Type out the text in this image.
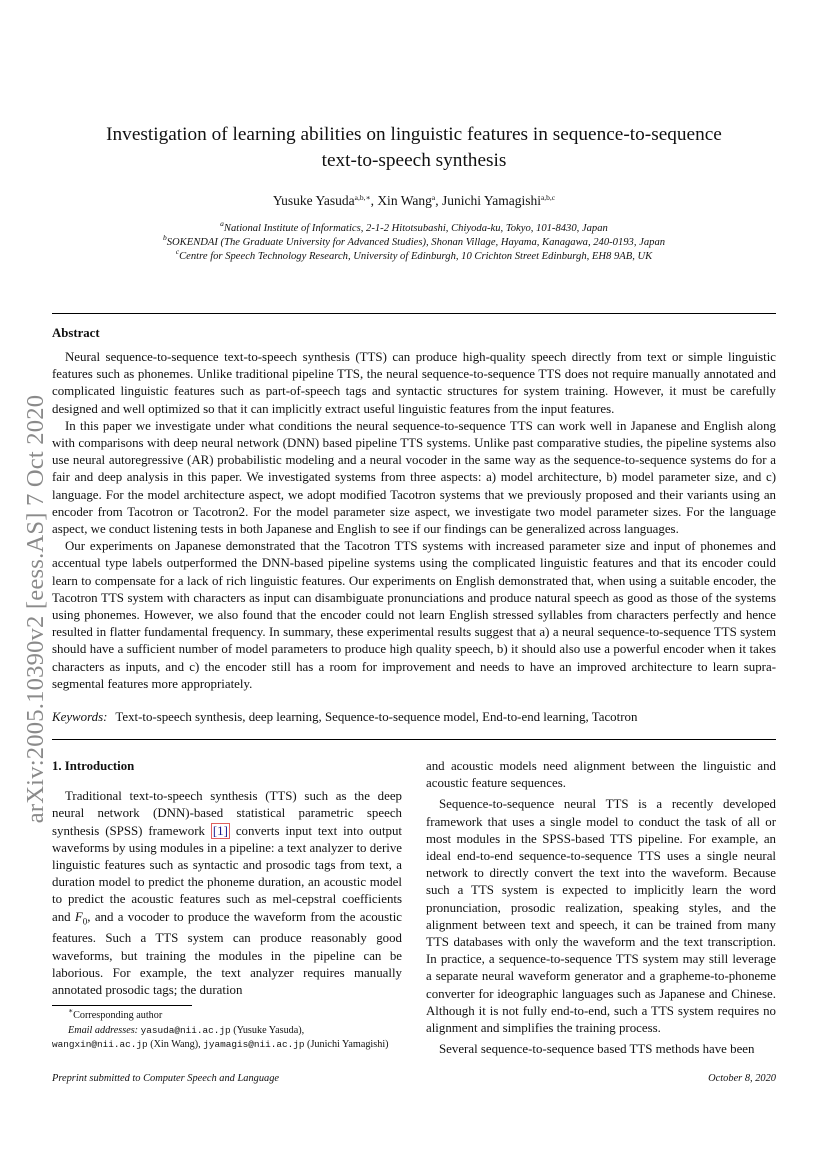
arXiv:2005.10390v2 [eess.AS] 7 Oct 2020
Investigation of learning abilities on linguistic features in sequence-to-sequence
text-to-speech synthesis
Yusuke Yasuda$^{a,b,∗}$, Xin Wang$^a$, Junichi Yamagishi$^{a,b,c}$
$^a$National Institute of Informatics, 2-1-2 Hitotsubashi, Chiyoda-ku, Tokyo, 101-8430, Japan
$^b$SOKENDAI (The Graduate University for Advanced Studies), Shonan Village, Hayama, Kanagawa, 240-0193, Japan
$^c$Centre for Speech Technology Research, University of Edinburgh, 10 Crichton Street Edinburgh, EH8 9AB, UK
Abstract

Neural sequence-to-sequence text-to-speech synthesis (TTS) can produce high-quality speech directly from text or simple linguistic features such as phonemes. Unlike traditional pipeline TTS, the neural sequence-to-sequence TTS does not require manually annotated and complicated linguistic features such as part-of-speech tags and syntactic structures for system training. However, it must be carefully designed and well optimized so that it can implicitly extract useful linguistic features from the input features.

In this paper we investigate under what conditions the neural sequence-to-sequence TTS can work well in Japanese and English along with comparisons with deep neural network (DNN) based pipeline TTS systems. Unlike past comparative studies, the pipeline systems also use neural autoregressive (AR) probabilistic modeling and a neural vocoder in the same way as the sequence-to-sequence systems do for a fair and deep analysis in this paper. We investigated systems from three aspects: a) model architecture, b) model parameter size, and c) language. For the model architecture aspect, we adopt modified Tacotron systems that we previously proposed and their variants using an encoder from Tacotron or Tacotron2. For the model parameter size aspect, we investigate two model parameter sizes. For the language aspect, we conduct listening tests in both Japanese and English to see if our findings can be generalized across languages.

Our experiments on Japanese demonstrated that the Tacotron TTS systems with increased parameter size and input of phonemes and accentual type labels outperformed the DNN-based pipeline systems using the complicated linguistic features and that its encoder could learn to compensate for a lack of rich linguistic features. Our experiments on English demonstrated that, when using a suitable encoder, the Tacotron TTS system with characters as input can disambiguate pronunciations and produce natural speech as good as those of the systems using phonemes. However, we also found that the encoder could not learn English stressed syllables from characters perfectly and hence resulted in flatter fundamental frequency. In summary, these experimental results suggest that a) a neural sequence-to-sequence TTS system should have a sufficient number of model parameters to produce high quality speech, b) it should also use a powerful encoder when it takes characters as inputs, and c) the encoder still has a room for improvement and needs to have an improved architecture to learn supra-segmental features more appropriately.

Keywords: Text-to-speech synthesis, deep learning, Sequence-to-sequence model, End-to-end learning, Tacotron
1. Introduction

Traditional text-to-speech synthesis (TTS) such as the deep neural network (DNN)-based statistical parametric speech synthesis (SPSS) framework [1] converts input text into output waveforms by using modules in a pipeline: a text analyzer to derive linguistic features such as syntactic and prosodic tags from text, a duration model to predict the phoneme duration, an acoustic model to predict the acoustic features such as mel-cepstral coefficients and $F_0$, and a vocoder to produce the waveform from the acoustic features. Such a TTS system can produce reasonably good waveforms, but training the modules in the pipeline can be laborious. For example, the text analyzer requires manually annotated prosodic tags; the duration

and acoustic models need alignment between the linguistic and acoustic feature sequences.

Sequence-to-sequence neural TTS is a recently developed framework that uses a single model to conduct the task of all or most modules in the SPSS-based TTS pipeline. For example, an ideal end-to-end sequence-to-sequence TTS uses a single neural network to directly convert the text into the waveform. Because such a TTS system is expected to implicitly learn the word pronunciation, prosodic realization, speaking styles, and the alignment between text and speech, it can be trained from many TTS databases with only the waveform and the text transcription. In practice, a sequence-to-sequence TTS system may still leverage a separate neural waveform generator and a grapheme-to-phoneme converter for ideographic languages such as Japanese and Chinese. Although it is not fully end-to-end, such a TTS system requires no alignment and simplifies the training process.

Several sequence-to-sequence based TTS methods have been

∗Corresponding author
Email addresses: yasuda@nii.ac.jp (Yusuke Yasuda),
wangxin@nii.ac.jp (Xin Wang), jyamagis@nii.ac.jp (Junichi Yamagishi)
Preprint submitted to Computer Speech and Language	October 8, 2020
